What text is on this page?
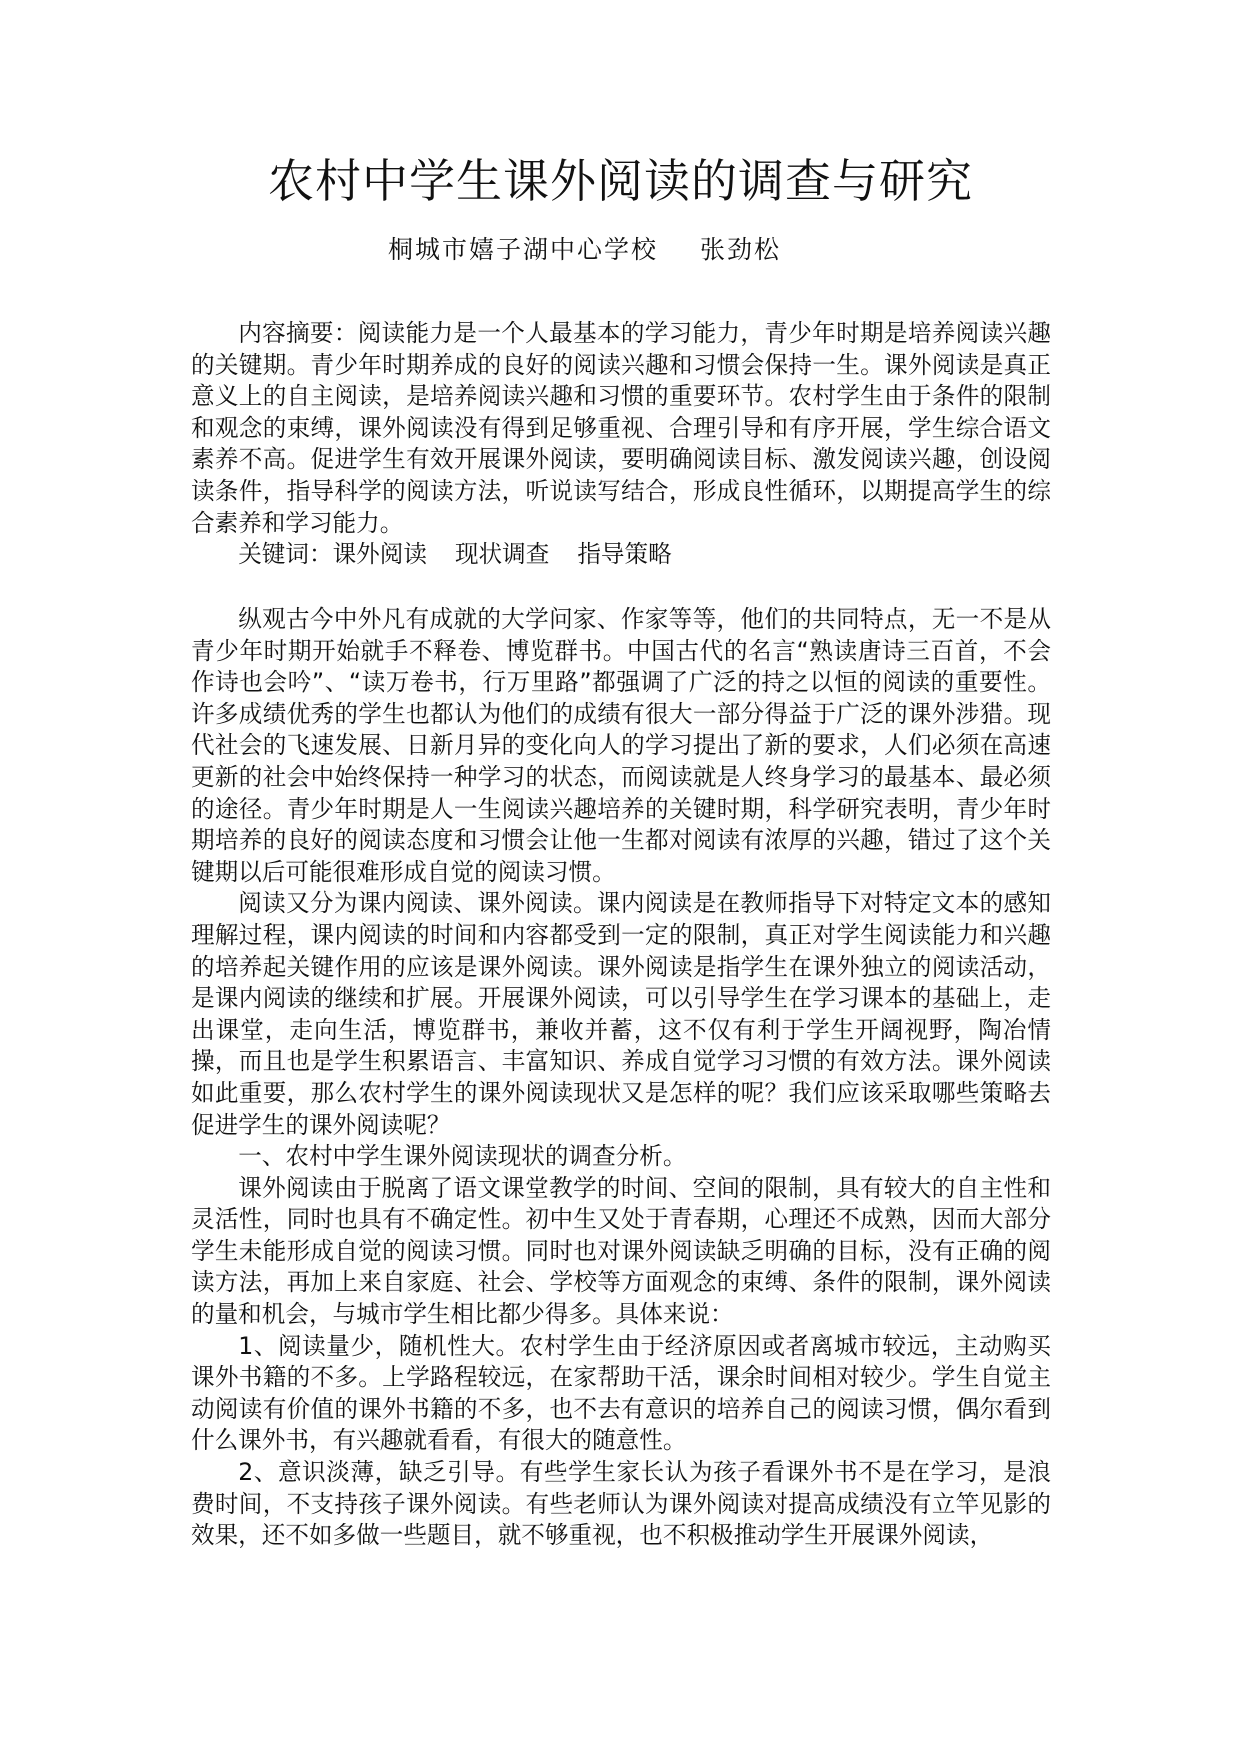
农村中学生课外阅读的调查与研究
桐城市嬉子湖中心学校 张劲松

内容摘要：阅读能力是一个人最基本的学习能力，青少年时期是培养阅读兴趣的关键期。青少年时期养成的良好的阅读兴趣和习惯会保持一生。课外阅读是真正意义上的自主阅读，是培养阅读兴趣和习惯的重要环节。农村学生由于条件的限制和观念的束缚，课外阅读没有得到足够重视、合理引导和有序开展，学生综合语文素养不高。促进学生有效开展课外阅读，要明确阅读目标、激发阅读兴趣，创设阅读条件，指导科学的阅读方法，听说读写结合，形成良性循环，以期提高学生的综合素养和学习能力。

关键词：课外阅读 现状调查 指导策略

纵观古今中外凡有成就的大学问家、作家等等，他们的共同特点，无一不是从青少年时期开始就手不释卷、博览群书。中国古代的名言“熟读唐诗三百首，不会作诗也会吟”、“读万卷书，行万里路”都强调了广泛的持之以恒的阅读的重要性。许多成绩优秀的学生也都认为他们的成绩有很大一部分得益于广泛的课外涉猎。现代社会的飞速发展、日新月异的变化向人的学习提出了新的要求，人们必须在高速更新的社会中始终保持一种学习的状态，而阅读就是人终身学习的最基本、最必须的途径。青少年时期是人一生阅读兴趣培养的关键时期，科学研究表明，青少年时期培养的良好的阅读态度和习惯会让他一生都对阅读有浓厚的兴趣，错过了这个关键期以后可能很难形成自觉的阅读习惯。

阅读又分为课内阅读、课外阅读。课内阅读是在教师指导下对特定文本的感知理解过程，课内阅读的时间和内容都受到一定的限制，真正对学生阅读能力和兴趣的培养起关键作用的应该是课外阅读。课外阅读是指学生在课外独立的阅读活动，是课内阅读的继续和扩展。开展课外阅读，可以引导学生在学习课本的基础上，走出课堂，走向生活，博览群书，兼收并蓄，这不仅有利于学生开阔视野，陶冶情操，而且也是学生积累语言、丰富知识、养成自觉学习习惯的有效方法。课外阅读如此重要，那么农村学生的课外阅读现状又是怎样的呢？我们应该采取哪些策略去促进学生的课外阅读呢？

一、农村中学生课外阅读现状的调查分析。

课外阅读由于脱离了语文课堂教学的时间、空间的限制，具有较大的自主性和灵活性，同时也具有不确定性。初中生又处于青春期，心理还不成熟，因而大部分学生未能形成自觉的阅读习惯。同时也对课外阅读缺乏明确的目标，没有正确的阅读方法，再加上来自家庭、社会、学校等方面观念的束缚、条件的限制，课外阅读的量和机会，与城市学生相比都少得多。具体来说：

1、阅读量少，随机性大。农村学生由于经济原因或者离城市较远，主动购买课外书籍的不多。上学路程较远，在家帮助干活，课余时间相对较少。学生自觉主动阅读有价值的课外书籍的不多，也不去有意识的培养自己的阅读习惯，偶尔看到什么课外书，有兴趣就看看，有很大的随意性。

2、意识淡薄，缺乏引导。有些学生家长认为孩子看课外书不是在学习，是浪费时间，不支持孩子课外阅读。有些老师认为课外阅读对提高成绩没有立竿见影的效果，还不如多做一些题目，就不够重视，也不积极推动学生开展课外阅读，
